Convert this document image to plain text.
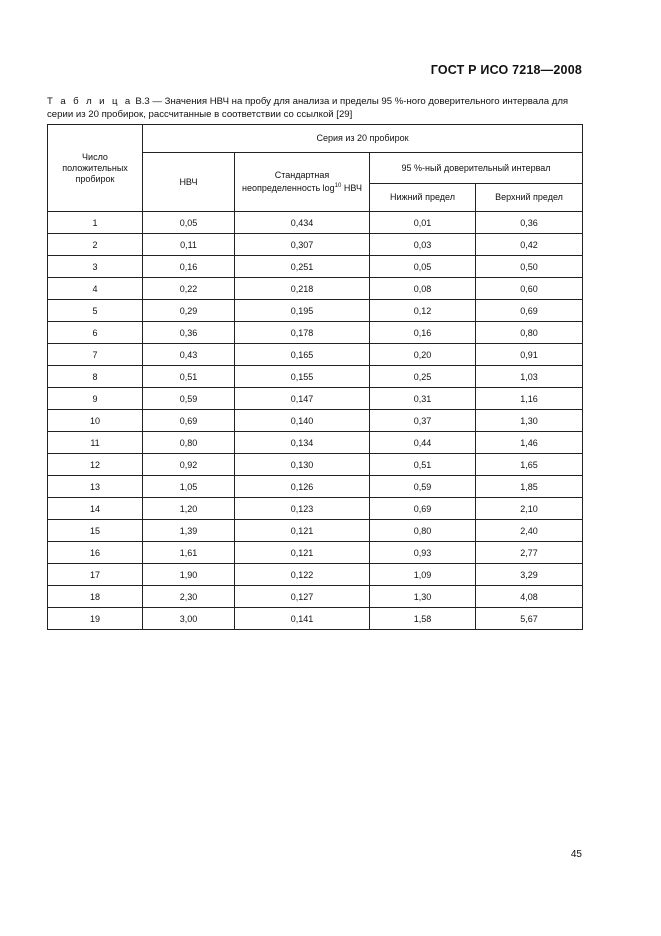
ГОСТ Р ИСО 7218—2008
Т а б л и ц а В.3 — Значения НВЧ на пробу для анализа и пределы 95 %-ного доверительного интервала для серии из 20 пробирок, рассчитанные в соответствии со ссылкой [29]
Число положительных пробирок	Серия из 20 пробирок			
	НВЧ	Стандартная неопределенность $\log^{10}$ НВЧ	95 %-ный доверительный интервал	
			Нижний предел	Верхний предел
1	0,05	0,434	0,01	0,36
2	0,11	0,307	0,03	0,42
3	0,16	0,251	0,05	0,50
4	0,22	0,218	0,08	0,60
5	0,29	0,195	0,12	0,69
6	0,36	0,178	0,16	0,80
7	0,43	0,165	0,20	0,91
8	0,51	0,155	0,25	1,03
9	0,59	0,147	0,31	1,16
10	0,69	0,140	0,37	1,30
11	0,80	0,134	0,44	1,46
12	0,92	0,130	0,51	1,65
13	1,05	0,126	0,59	1,85
14	1,20	0,123	0,69	2,10
15	1,39	0,121	0,80	2,40
16	1,61	0,121	0,93	2,77
17	1,90	0,122	1,09	3,29
18	2,30	0,127	1,30	4,08
19	3,00	0,141	1,58	5,67
45
